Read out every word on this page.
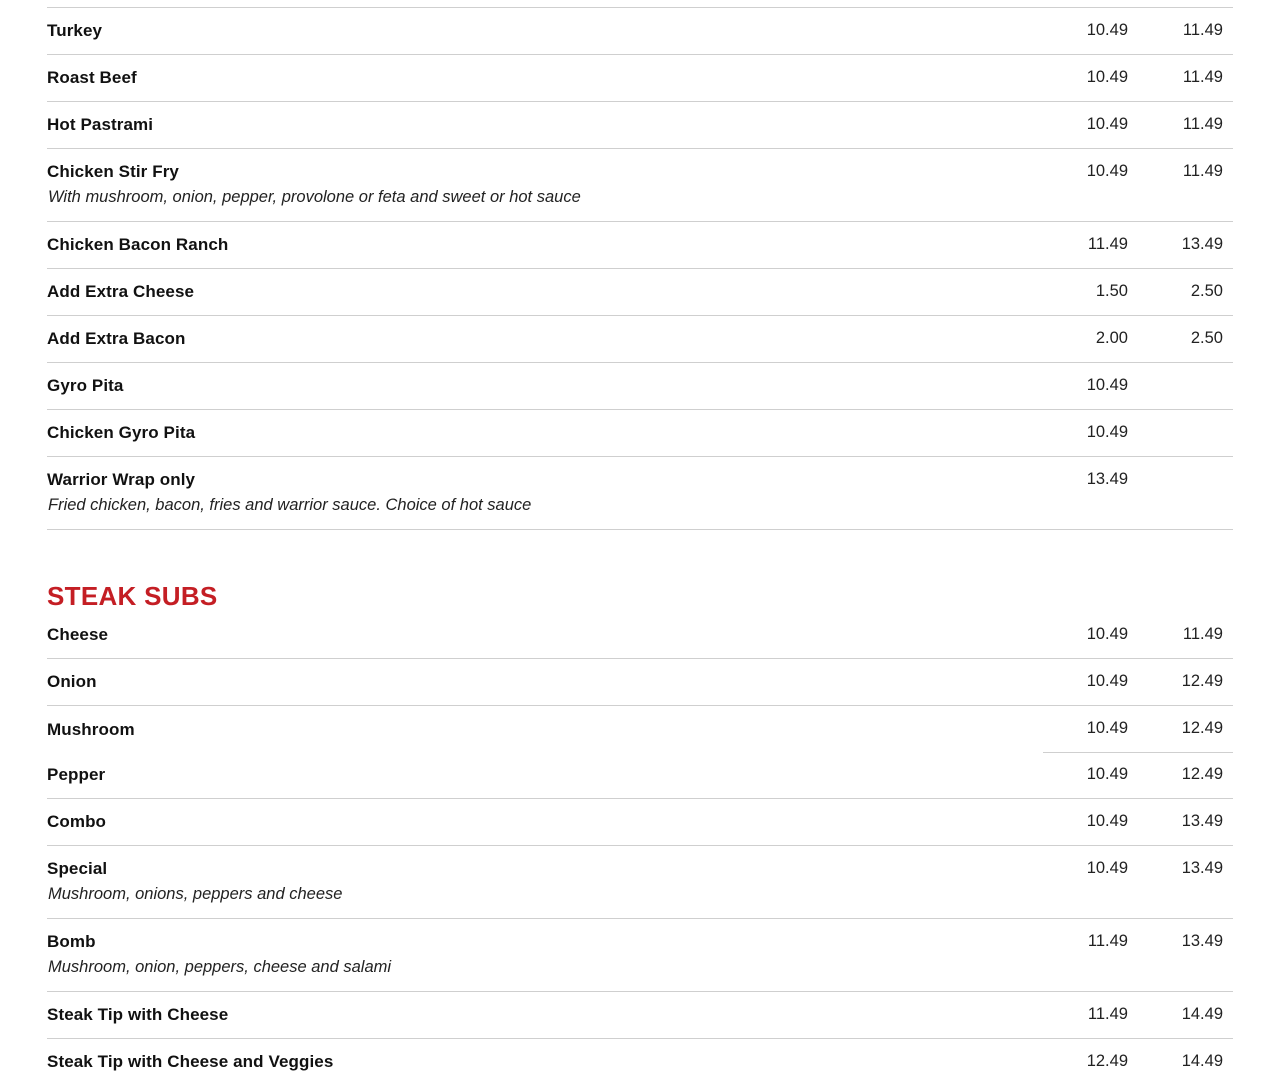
Turkey	10.49	11.49
Roast Beef	10.49	11.49
Hot Pastrami	10.49	11.49
Chicken Stir Fry
With mushroom, onion, pepper, provolone or feta and sweet or hot sauce
10.49	11.49
Chicken Bacon Ranch	11.49	13.49
Add Extra Cheese	1.50	2.50
Add Extra Bacon	2.00	2.50
Gyro Pita	10.49
Chicken Gyro Pita	10.49
Warrior Wrap only
Fried chicken, bacon, fries and warrior sauce. Choice of hot sauce
13.49
STEAK SUBS
Cheese	10.49	11.49
Onion	10.49	12.49
Mushroom	10.49	12.49
Pepper	10.49	12.49
Combo	10.49	13.49
Special
Mushroom, onions, peppers and cheese
10.49	13.49
Bomb
Mushroom, onion, peppers, cheese and salami
11.49	13.49
Steak Tip with Cheese	11.49	14.49
Steak Tip with Cheese and Veggies	12.49	14.49
